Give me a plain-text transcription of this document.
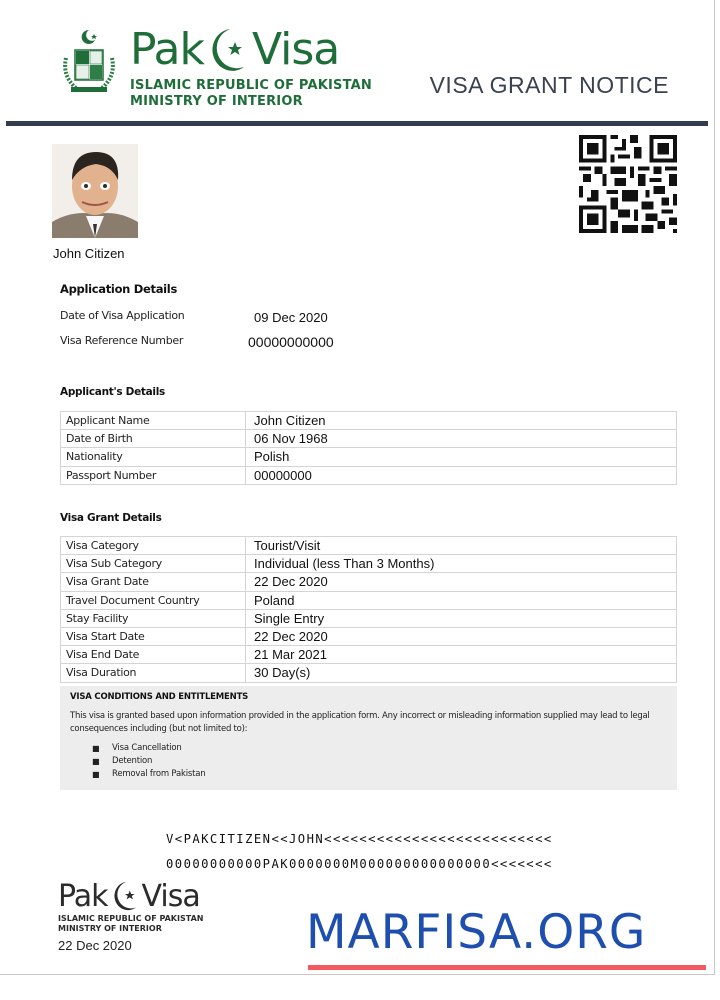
Pak Visa
ISLAMIC REPUBLIC OF PAKISTAN
MINISTRY OF INTERIOR
VISA GRANT NOTICE
John Citizen
Application Details
Date of Visa Application	09 Dec 2020
Visa Reference Number	00000000000
Applicant's Details
Applicant Name	John Citizen
Date of Birth	06 Nov 1968
Nationality	Polish
Passport Number	00000000
Visa Grant Details
Visa Category	Tourist/Visit
Visa Sub Category	Individual (less Than 3 Months)
Visa Grant Date	22 Dec 2020
Travel Document Country	Poland
Stay Facility	Single Entry
Visa Start Date	22 Dec 2020
Visa End Date	21 Mar 2021
Visa Duration	30 Day(s)
VISA CONDITIONS AND ENTITLEMENTS
This visa is granted based upon information provided in the application form. Any incorrect or misleading information supplied may lead to legal consequences including (but not limited to):
■	Visa Cancellation
■	Detention
■	Removal from Pakistan
V<PAKCITIZEN<<JOHN<<<<<<<<<<<<<<<<<<<<<<<<<<
00000000000PAK0000000M000000000000000<<<<<<<
Pak Visa
ISLAMIC REPUBLIC OF PAKISTAN
MINISTRY OF INTERIOR
22 Dec 2020	MARFISA.ORG
